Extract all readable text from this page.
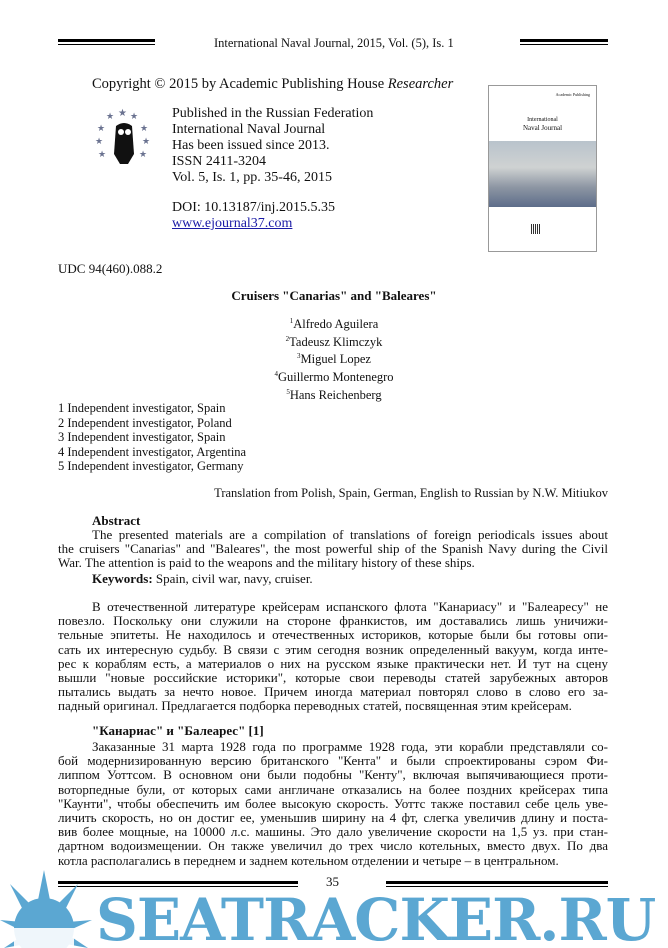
International Naval Journal, 2015, Vol. (5), Is. 1
Copyright © 2015 by Academic Publishing House Researcher
★
★ ★
★	★
★	★
★	★
Published in the Russian Federation
International Naval Journal
Has been issued since 2013.
ISSN 2411-3204
Vol. 5, Is. 1, pp. 35-46, 2015
DOI: 10.13187/inj.2015.5.35
www.ejournal37.com
Academic Publishing
International
Naval Journal
UDC 94(460).088.2
Cruisers "Canarias" and "Baleares"
$^1$Alfredo Aguilera
$^2$Tadeusz Klimczyk
$^3$Miguel Lopez
$^4$Guillermo Montenegro
$^5$Hans Reichenberg
1 Independent investigator, Spain
2 Independent investigator, Poland
3 Independent investigator, Spain
4 Independent investigator, Argentina
5 Independent investigator, Germany
Translation from Polish, Spain, German, English to Russian by N.W. Mitiukov
Abstract
The presented materials are a compilation of translations of foreign periodicals issues about
the cruisers "Canarias" and "Baleares", the most powerful ship of the Spanish Navy during the Civil
War. The attention is paid to the weapons and the military history of these ships.
Keywords: Spain, civil war, navy, cruiser.
В отечественной литературе крейсерам испанского флота "Канариасу" и "Балеаресу" не
повезло. Поскольку они служили на стороне франкистов, им доставались лишь уничижи-
тельные эпитеты. Не находилось и отечественных историков, которые были бы готовы опи-
сать их интересную судьбу. В связи с этим сегодня возник определенный вакуум, когда инте-
рес к кораблям есть, а материалов о них на русском языке практически нет. И тут на сцену
вышли "новые российские историки", которые свои переводы статей зарубежных авторов
пытались выдать за нечто новое. Причем иногда материал повторял слово в слово его за-
падный оригинал. Предлагается подборка переводных статей, посвященная этим крейсерам.
"Канариас" и "Балеарес" [1]
Заказанные 31 марта 1928 года по программе 1928 года, эти корабли представляли со-
бой модернизированную версию британского "Кента" и были спроектированы сэром Фи-
липпом Уоттсом. В основном они были подобны "Кенту", включая выпячивающиеся проти-
воторпедные були, от которых сами англичане отказались на более поздних крейсерах типа
"Каунти", чтобы обеспечить им более высокую скорость. Уоттс также поставил себе цель уве-
личить скорость, но он достиг ее, уменьшив ширину на 4 фт, слегка увеличив длину и поста-
вив более мощные, на 10000 л.с. машины. Это дало увеличение скорости на 1,5 уз. при стан-
дартном водоизмещении. Он также увеличил до трех число котельных, вместо двух. По два
котла располагались в переднем и заднем котельном отделении и четыре – в центральном.
35
SEATRACKER.RU
